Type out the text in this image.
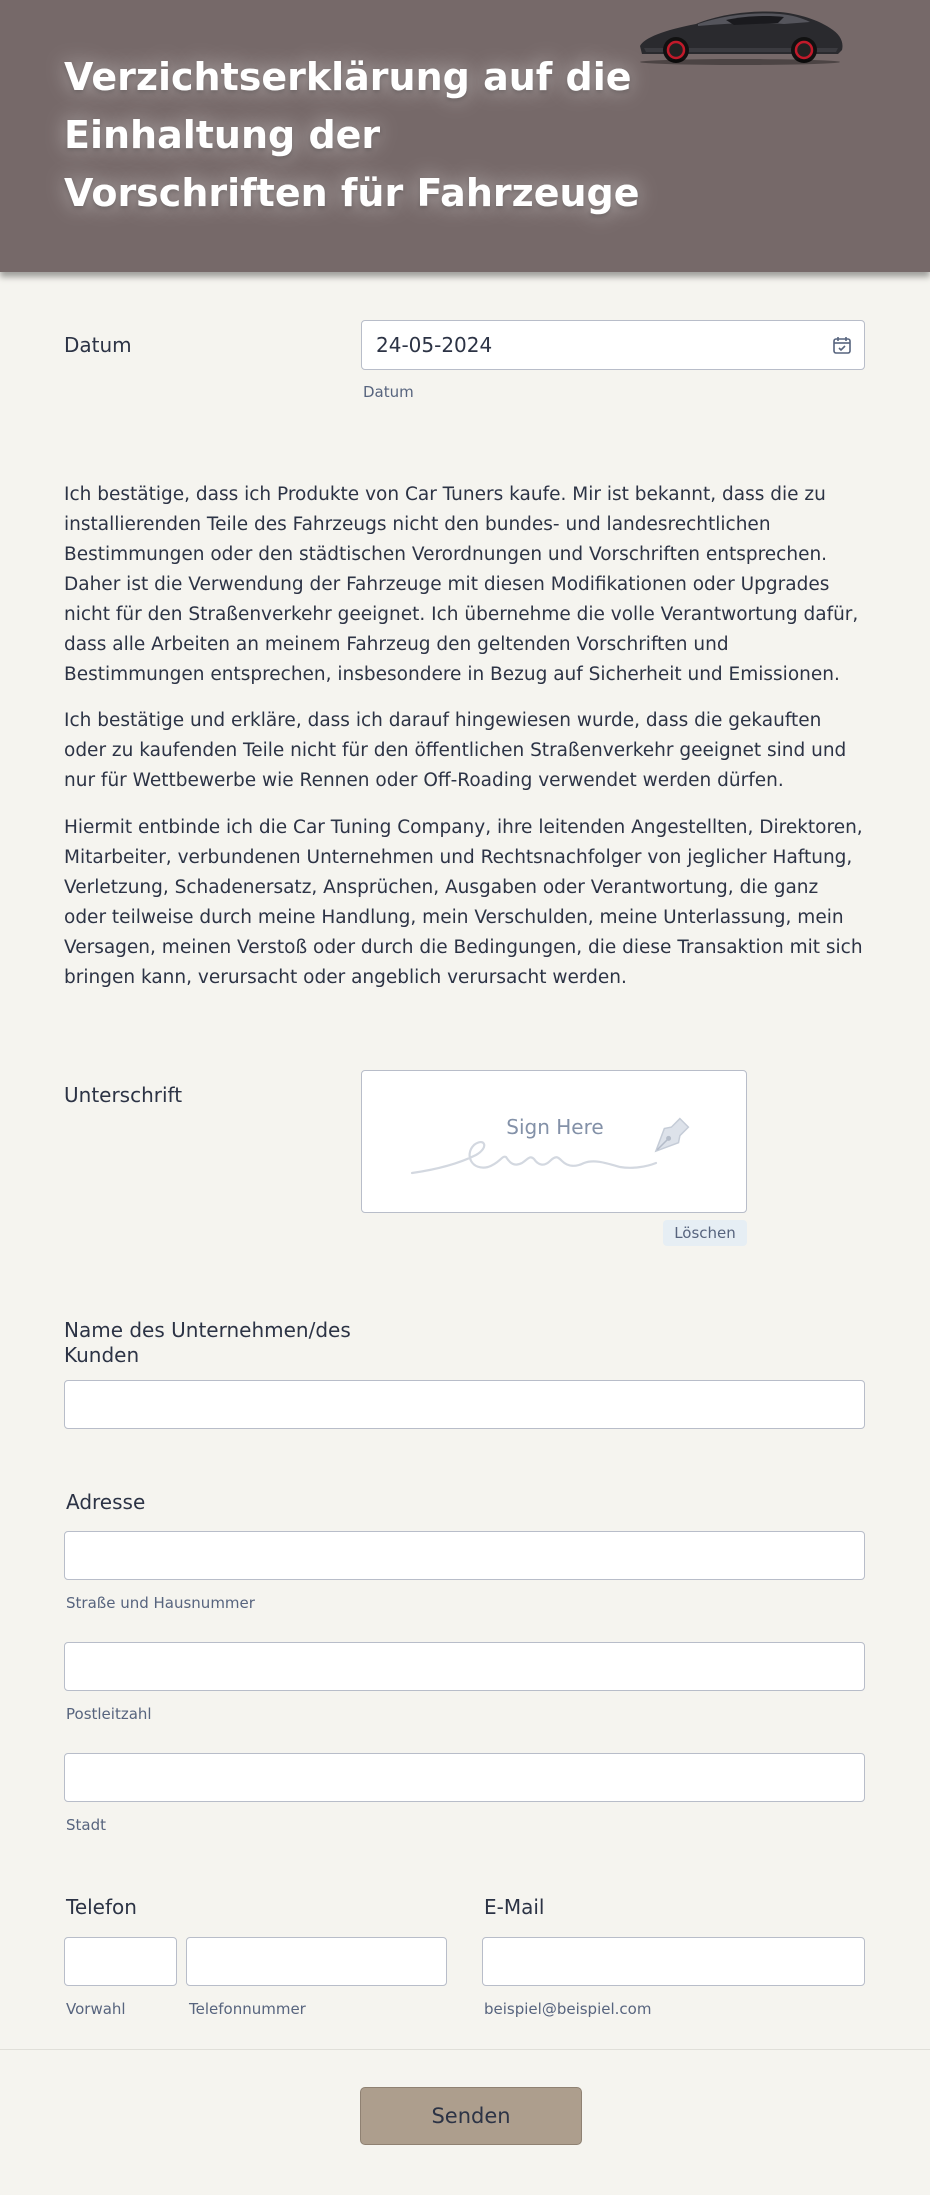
Verzichtserklärung auf die Einhaltung der Vorschriften für Fahrzeuge
Datum	24-05-2024
Datum

Ich bestätige, dass ich Produkte von Car Tuners kaufe. Mir ist bekannt, dass die zu installierenden Teile des Fahrzeugs nicht den bundes- und landesrechtlichen Bestimmungen oder den städtischen Verordnungen und Vorschriften entsprechen. Daher ist die Verwendung der Fahrzeuge mit diesen Modifikationen oder Upgrades nicht für den Straßenverkehr geeignet. Ich übernehme die volle Verantwortung dafür, dass alle Arbeiten an meinem Fahrzeug den geltenden Vorschriften und Bestimmungen entsprechen, insbesondere in Bezug auf Sicherheit und Emissionen.

Ich bestätige und erkläre, dass ich darauf hingewiesen wurde, dass die gekauften oder zu kaufenden Teile nicht für den öffentlichen Straßenverkehr geeignet sind und nur für Wettbewerbe wie Rennen oder Off-Roading verwendet werden dürfen.

Hiermit entbinde ich die Car Tuning Company, ihre leitenden Angestellten, Direktoren, Mitarbeiter, verbundenen Unternehmen und Rechtsnachfolger von jeglicher Haftung, Verletzung, Schadenersatz, Ansprüchen, Ausgaben oder Verantwortung, die ganz oder teilweise durch meine Handlung, mein Verschulden, meine Unterlassung, mein Versagen, meinen Verstoß oder durch die Bedingungen, die diese Transaktion mit sich bringen kann, verursacht oder angeblich verursacht werden.

Unterschrift
Sign Here
Löschen
Name des Unternehmen/des Kunden
Adresse
Straße und Hausnummer
Postleitzahl
Stadt
Telefon
Vorwahl	Telefonnummer
E-Mail
beispiel@beispiel.com
Senden
